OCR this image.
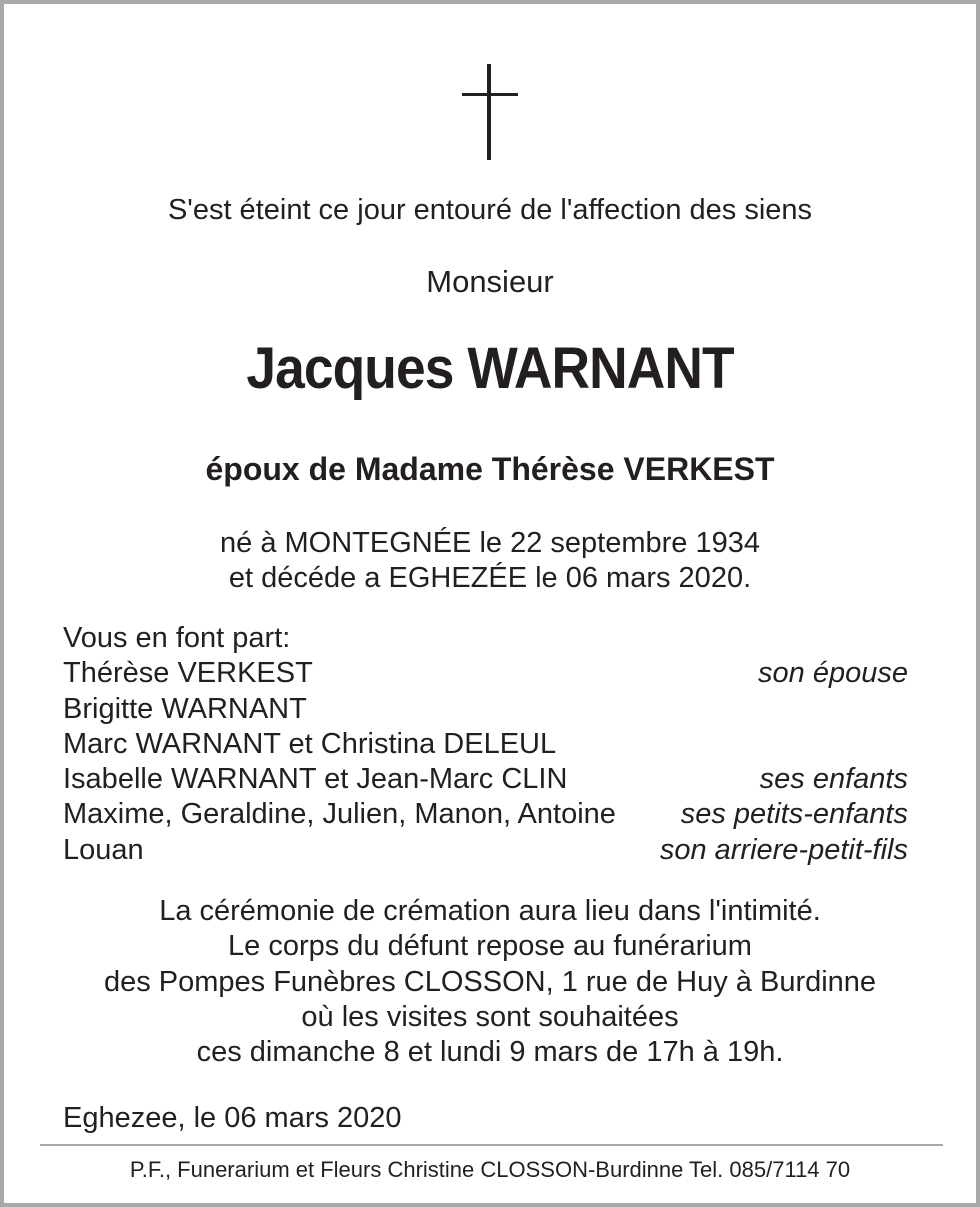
S'est éteint ce jour entouré de l'affection des siens
Monsieur
Jacques WARNANT
époux de Madame Thérèse VERKEST
né à MONTEGNÉE le 22 septembre 1934
et décéde a EGHEZÉE le 06 mars 2020.
Vous en font part:
Thérèse VERKEST	son épouse
Brigitte WARNANT
Marc WARNANT et Christina DELEUL
Isabelle WARNANT et Jean-Marc CLIN	ses enfants
Maxime, Geraldine, Julien, Manon, Antoine ses petits-enfants
Louan	son arriere-petit-fils
La cérémonie de crémation aura lieu dans l'intimité.
Le corps du défunt repose au funérarium
des Pompes Funèbres CLOSSON, 1 rue de Huy à Burdinne
où les visites sont souhaitées
ces dimanche 8 et lundi 9 mars de 17h à 19h.
Eghezee, le 06 mars 2020
P.F., Funerarium et Fleurs Christine CLOSSON-Burdinne Tel. 085/7114 70
